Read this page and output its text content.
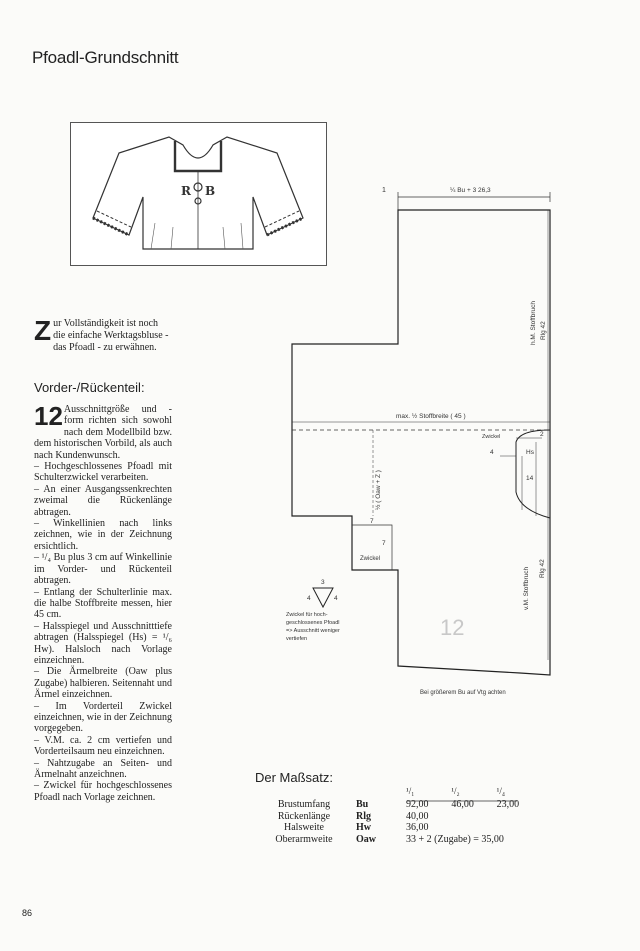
Pfoadl-Grundschnitt
R B
Zur Vollständigkeit ist noch die einfache Werktagsbluse - das Pfoadl - zu erwähnen.
Vorder-/Rückenteil:
12 Ausschnittgröße und -form richten sich sowohl nach dem Modellbild bzw. dem historischen Vorbild, als auch nach Kundenwunsch.

– Hochgeschlossenes Pfoadl mit Schulterzwickel verarbeiten.

– An einer Ausgangssenkrechten zweimal die Rückenlänge abtragen.

– Winkellinien nach links zeichnen, wie in der Zeichnung ersichtlich.

– ¹/₄ Bu plus 3 cm auf Winkellinie im Vorder- und Rückenteil abtragen.

– Entlang der Schulterlinie max. die halbe Stoffbreite messen, hier 45 cm.

– Halsspiegel und Ausschnitttiefe abtragen (Halsspiegel (Hs) = ¹/₆ Hw). Halsloch nach Vorlage einzeichnen.

– Die Ärmelbreite (Oaw plus Zugabe) halbieren. Seitennaht und Ärmel einzeichnen.

– Im Vorderteil Zwickel einzeichnen, wie in der Zeichnung vorgegeben.

– V.M. ca. 2 cm vertiefen und Vorderteilsaum neu einzeichnen.

– Nahtzugabe an Seiten- und Ärmelnaht anzeichnen.

– Zwickel für hochgeschlossenes Pfoadl nach Vorlage zeichnen.

1	¼ Bu + 3 26,3
max. ½ Stoffbreite ( 45 )
h.M. Stoffbruch Rlg 42
v.M. Stoffbruch Rlg 42
½ ( Oaw + Z )
Zwickel
4
2
Hs
14
7
7
Zwickel
3
4	4
Zwickel für hoch- geschlossenes Pfoadl => Ausschnitt weniger vertiefen	12
Bei größerem Bu auf Vtg achten
Der Maßsatz:
		¹/₁	¹/₂	¹/₄
Brustumfang	Bu	92,00	46,00	23,00
Rückenlänge	Rlg	40,00		
Halsweite	Hw	36,00		
Oberarmweite	Oaw	33 + 2 (Zugabe) = 35,00		
86
